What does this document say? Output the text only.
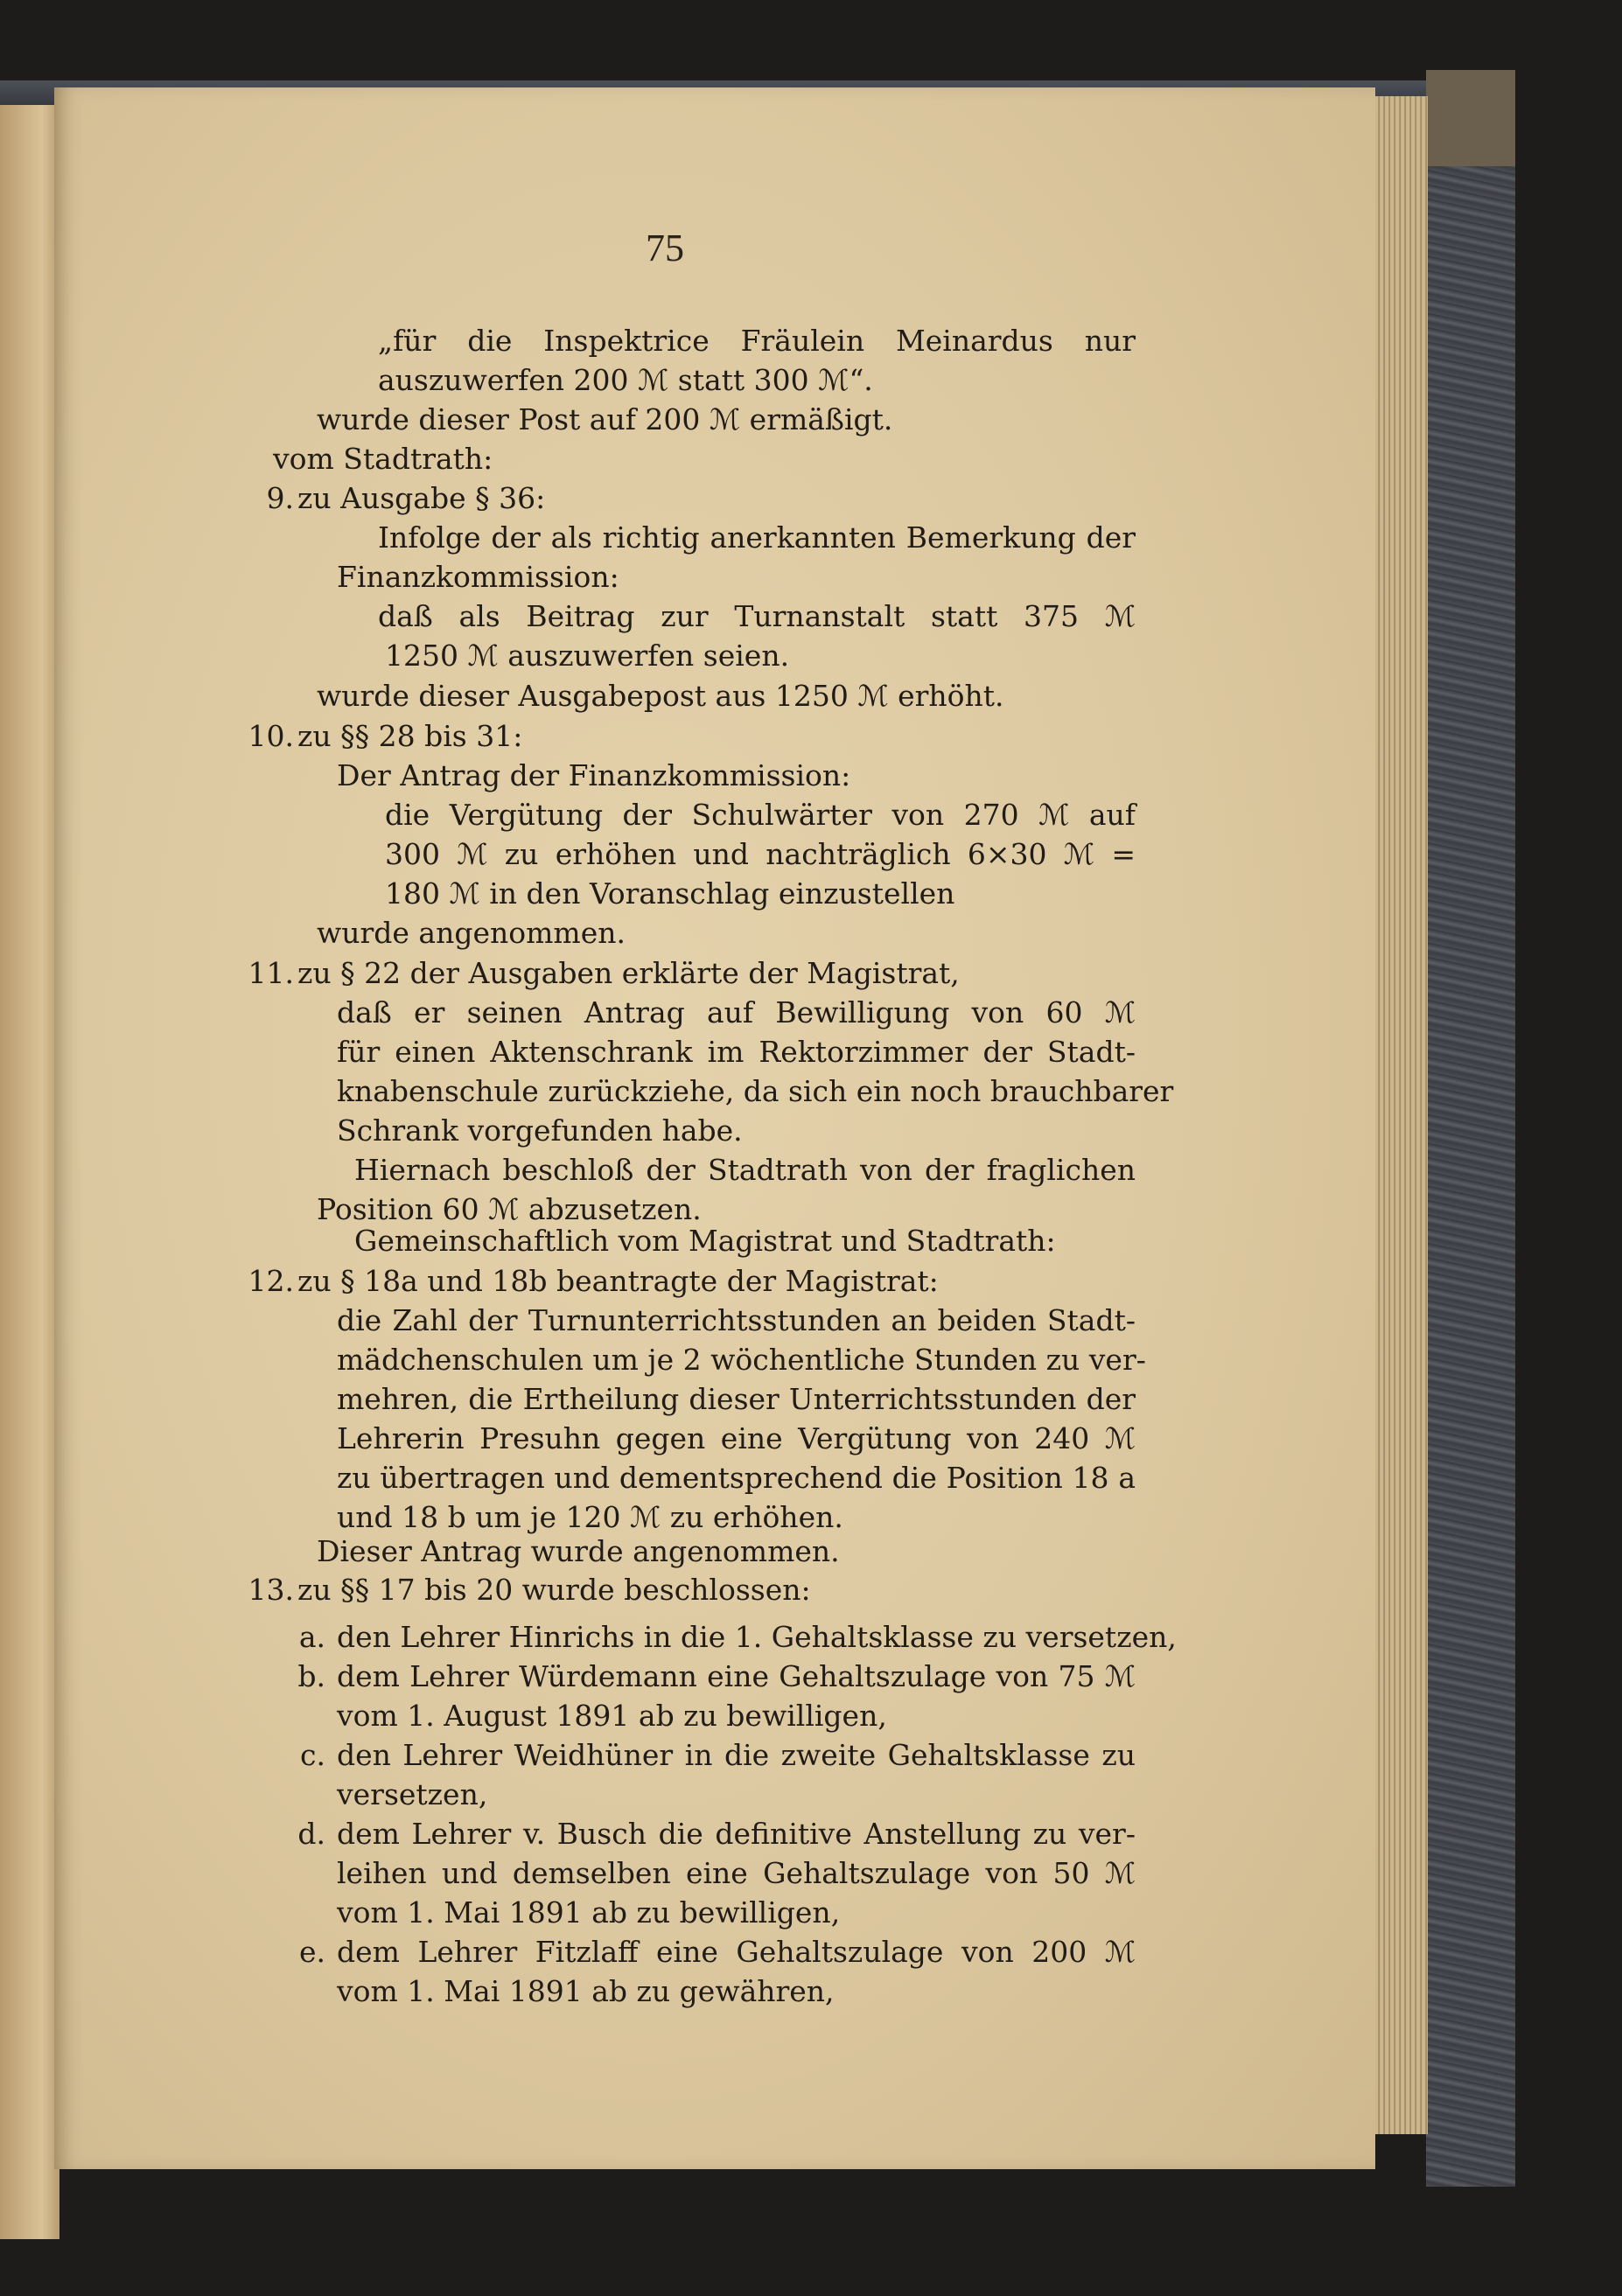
75
9.
10.
11.
12.
13.
a.
b.
c.
d.
e.
„für die Inspektrice Fräulein Meinardus nur
auszuwerfen 200 ℳ statt 300 ℳ“.
wurde dieser Post auf 200 ℳ ermäßigt.
vom Stadtrath:
zu Ausgabe § 36:
Infolge der als richtig anerkannten Bemerkung der
Finanzkommission:
daß als Beitrag zur Turnanstalt statt 375 ℳ
1250 ℳ auszuwerfen seien.
wurde dieser Ausgabepost aus 1250 ℳ erhöht.
zu §§ 28 bis 31:
Der Antrag der Finanzkommission:
die Vergütung der Schulwärter von 270 ℳ auf
300 ℳ zu erhöhen und nachträglich 6×30 ℳ =
180 ℳ in den Voranschlag einzustellen
wurde angenommen.
zu § 22 der Ausgaben erklärte der Magistrat,
daß er seinen Antrag auf Bewilligung von 60 ℳ
für einen Aktenschrank im Rektorzimmer der Stadt-
knabenschule zurückziehe, da sich ein noch brauchbarer
Schrank vorgefunden habe.
Hiernach beschloß der Stadtrath von der fraglichen
Position 60 ℳ abzusetzen.
Gemeinschaftlich vom Magistrat und Stadtrath:
zu § 18a und 18b beantragte der Magistrat:
die Zahl der Turnunterrichtsstunden an beiden Stadt-
mädchenschulen um je 2 wöchentliche Stunden zu ver-
mehren, die Ertheilung dieser Unterrichtsstunden der
Lehrerin Presuhn gegen eine Vergütung von 240 ℳ
zu übertragen und dementsprechend die Position 18 a
und 18 b um je 120 ℳ zu erhöhen.
Dieser Antrag wurde angenommen.
zu §§ 17 bis 20 wurde beschlossen:
den Lehrer Hinrichs in die 1. Gehaltsklasse zu versetzen,
dem Lehrer Würdemann eine Gehaltszulage von 75 ℳ
vom 1. August 1891 ab zu bewilligen,
den Lehrer Weidhüner in die zweite Gehaltsklasse zu
versetzen,
dem Lehrer v. Busch die definitive Anstellung zu ver-
leihen und demselben eine Gehaltszulage von 50 ℳ
vom 1. Mai 1891 ab zu bewilligen,
dem Lehrer Fitzlaff eine Gehaltszulage von 200 ℳ
vom 1. Mai 1891 ab zu gewähren,
